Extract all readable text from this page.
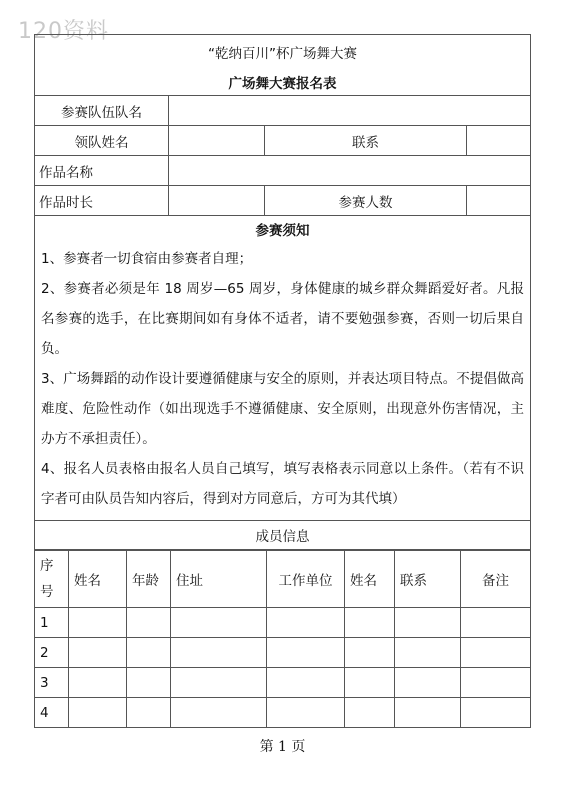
120资料
“乾纳百川”杯广场舞大赛			
广场舞大赛报名表			
参赛队伍队名			
领队姓名		联系	
作品名称			
作品时长		参赛人数	
参赛须知			

1、参赛者一切食宿由参赛者自理；

2、参赛者必须是年 18 周岁—65 周岁，身体健康的城乡群众舞蹈爱好者。凡报名参赛的选手，在比赛期间如有身体不适者，请不要勉强参赛，否则一切后果自负。

3、广场舞蹈的动作设计要遵循健康与安全的原则，并表达项目特点。不提倡做高难度、危险性动作（如出现选手不遵循健康、安全原则，出现意外伤害情况，主办方不承担责任）。

4、报名人员表格由报名人员自己填写，填写表格表示同意以上条件。（若有不识字者可由队员告知内容后，得到对方同意后，方可为其代填）			

成员信息			
序
号	姓名	年龄	住址	工作单位	姓名	联系	备注
1							
2							
3							
4							
第 1 页
